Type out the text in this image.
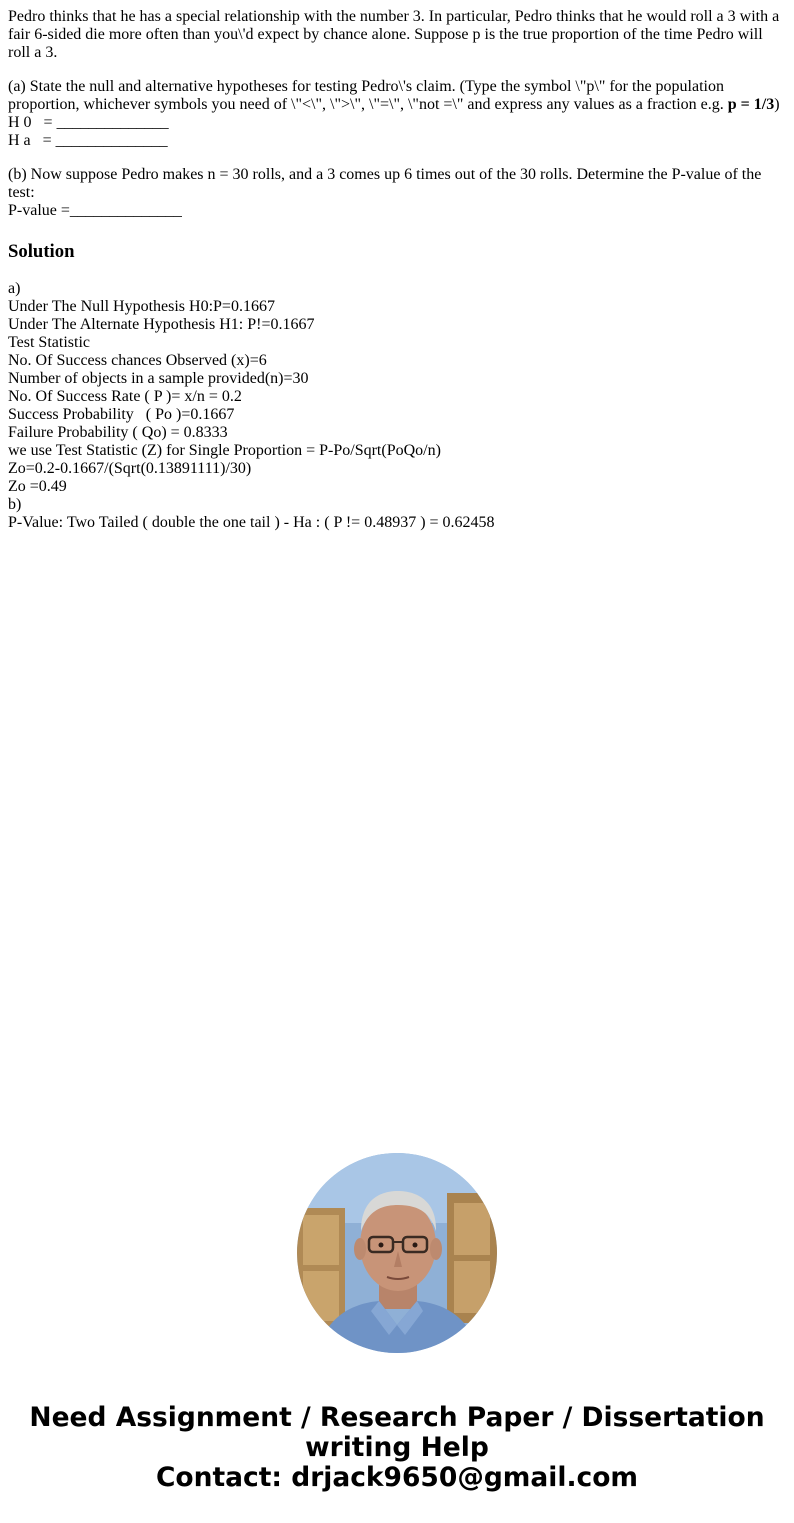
Pedro thinks that he has a special relationship with the number 3. In particular, Pedro thinks that he would roll a 3 with a fair 6-sided die more often than you\'d expect by chance alone. Suppose p is the true proportion of the time Pedro will roll a 3.

(a) State the null and alternative hypotheses for testing Pedro\'s claim. (Type the symbol \"p\" for the population proportion, whichever symbols you need of \"<\", \">\", \"=\", \"not =\" and express any values as a fraction e.g. p = 1/3)
H 0   = ______________
H a   = ______________

(b) Now suppose Pedro makes n = 30 rolls, and a 3 comes up 6 times out of the 30 rolls. Determine the P-value of the test:
P-value =______________

Solution
a)
Under The Null Hypothesis H0:P=0.1667
Under The Alternate Hypothesis H1: P!=0.1667
Test Statistic
No. Of Success chances Observed (x)=6
Number of objects in a sample provided(n)=30
No. Of Success Rate ( P )= x/n = 0.2
Success Probability   ( Po )=0.1667
Failure Probability ( Qo) = 0.8333
we use Test Statistic (Z) for Single Proportion = P-Po/Sqrt(PoQo/n)
Zo=0.2-0.1667/(Sqrt(0.13891111)/30)
Zo =0.49
b)
P-Value: Two Tailed ( double the one tail ) - Ha : ( P != 0.48937 ) = 0.62458
Need Assignment / Research Paper / Dissertation
writing Help
Contact: drjack9650@gmail.com
